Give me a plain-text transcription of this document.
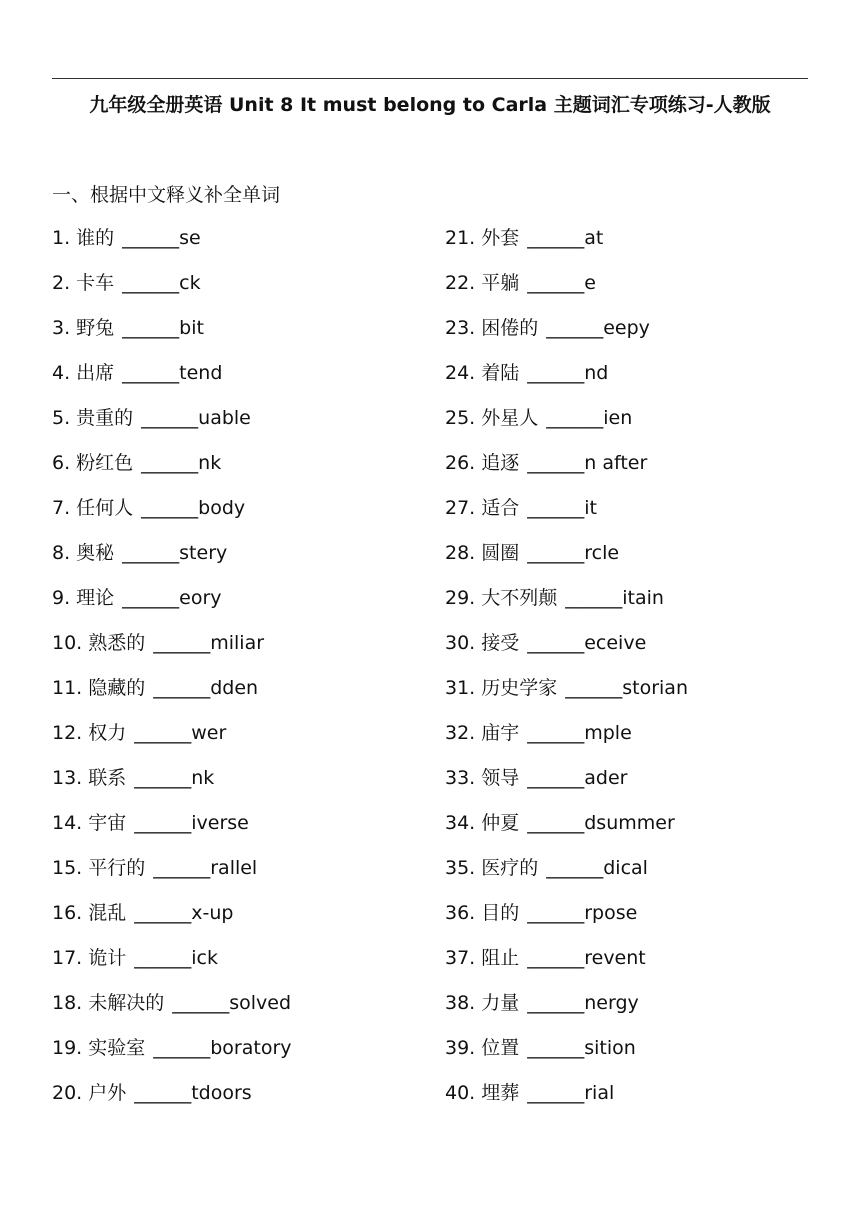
九年级全册英语 Unit 8 It must belong to Carla 主题词汇专项练习-人教版
一、根据中文释义补全单词
1. 谁的 ______se
2. 卡车 ______ck
3. 野兔 ______bit
4. 出席 ______tend
5. 贵重的 ______uable
6. 粉红色 ______nk
7. 任何人 ______body
8. 奥秘 ______stery
9. 理论 ______eory
10. 熟悉的 ______miliar
11. 隐藏的 ______dden
12. 权力 ______wer
13. 联系 ______nk
14. 宇宙 ______iverse
15. 平行的 ______rallel
16. 混乱 ______x-up
17. 诡计 ______ick
18. 未解决的 ______solved
19. 实验室 ______boratory
20. 户外 ______tdoors
21. 外套 ______at
22. 平躺 ______e
23. 困倦的 ______eepy
24. 着陆 ______nd
25. 外星人 ______ien
26. 追逐 ______n after
27. 适合 ______it
28. 圆圈 ______rcle
29. 大不列颠 ______itain
30. 接受 ______eceive
31. 历史学家 ______storian
32. 庙宇 ______mple
33. 领导 ______ader
34. 仲夏 ______dsummer
35. 医疗的 ______dical
36. 目的 ______rpose
37. 阻止 ______revent
38. 力量 ______nergy
39. 位置 ______sition
40. 埋葬 ______rial
